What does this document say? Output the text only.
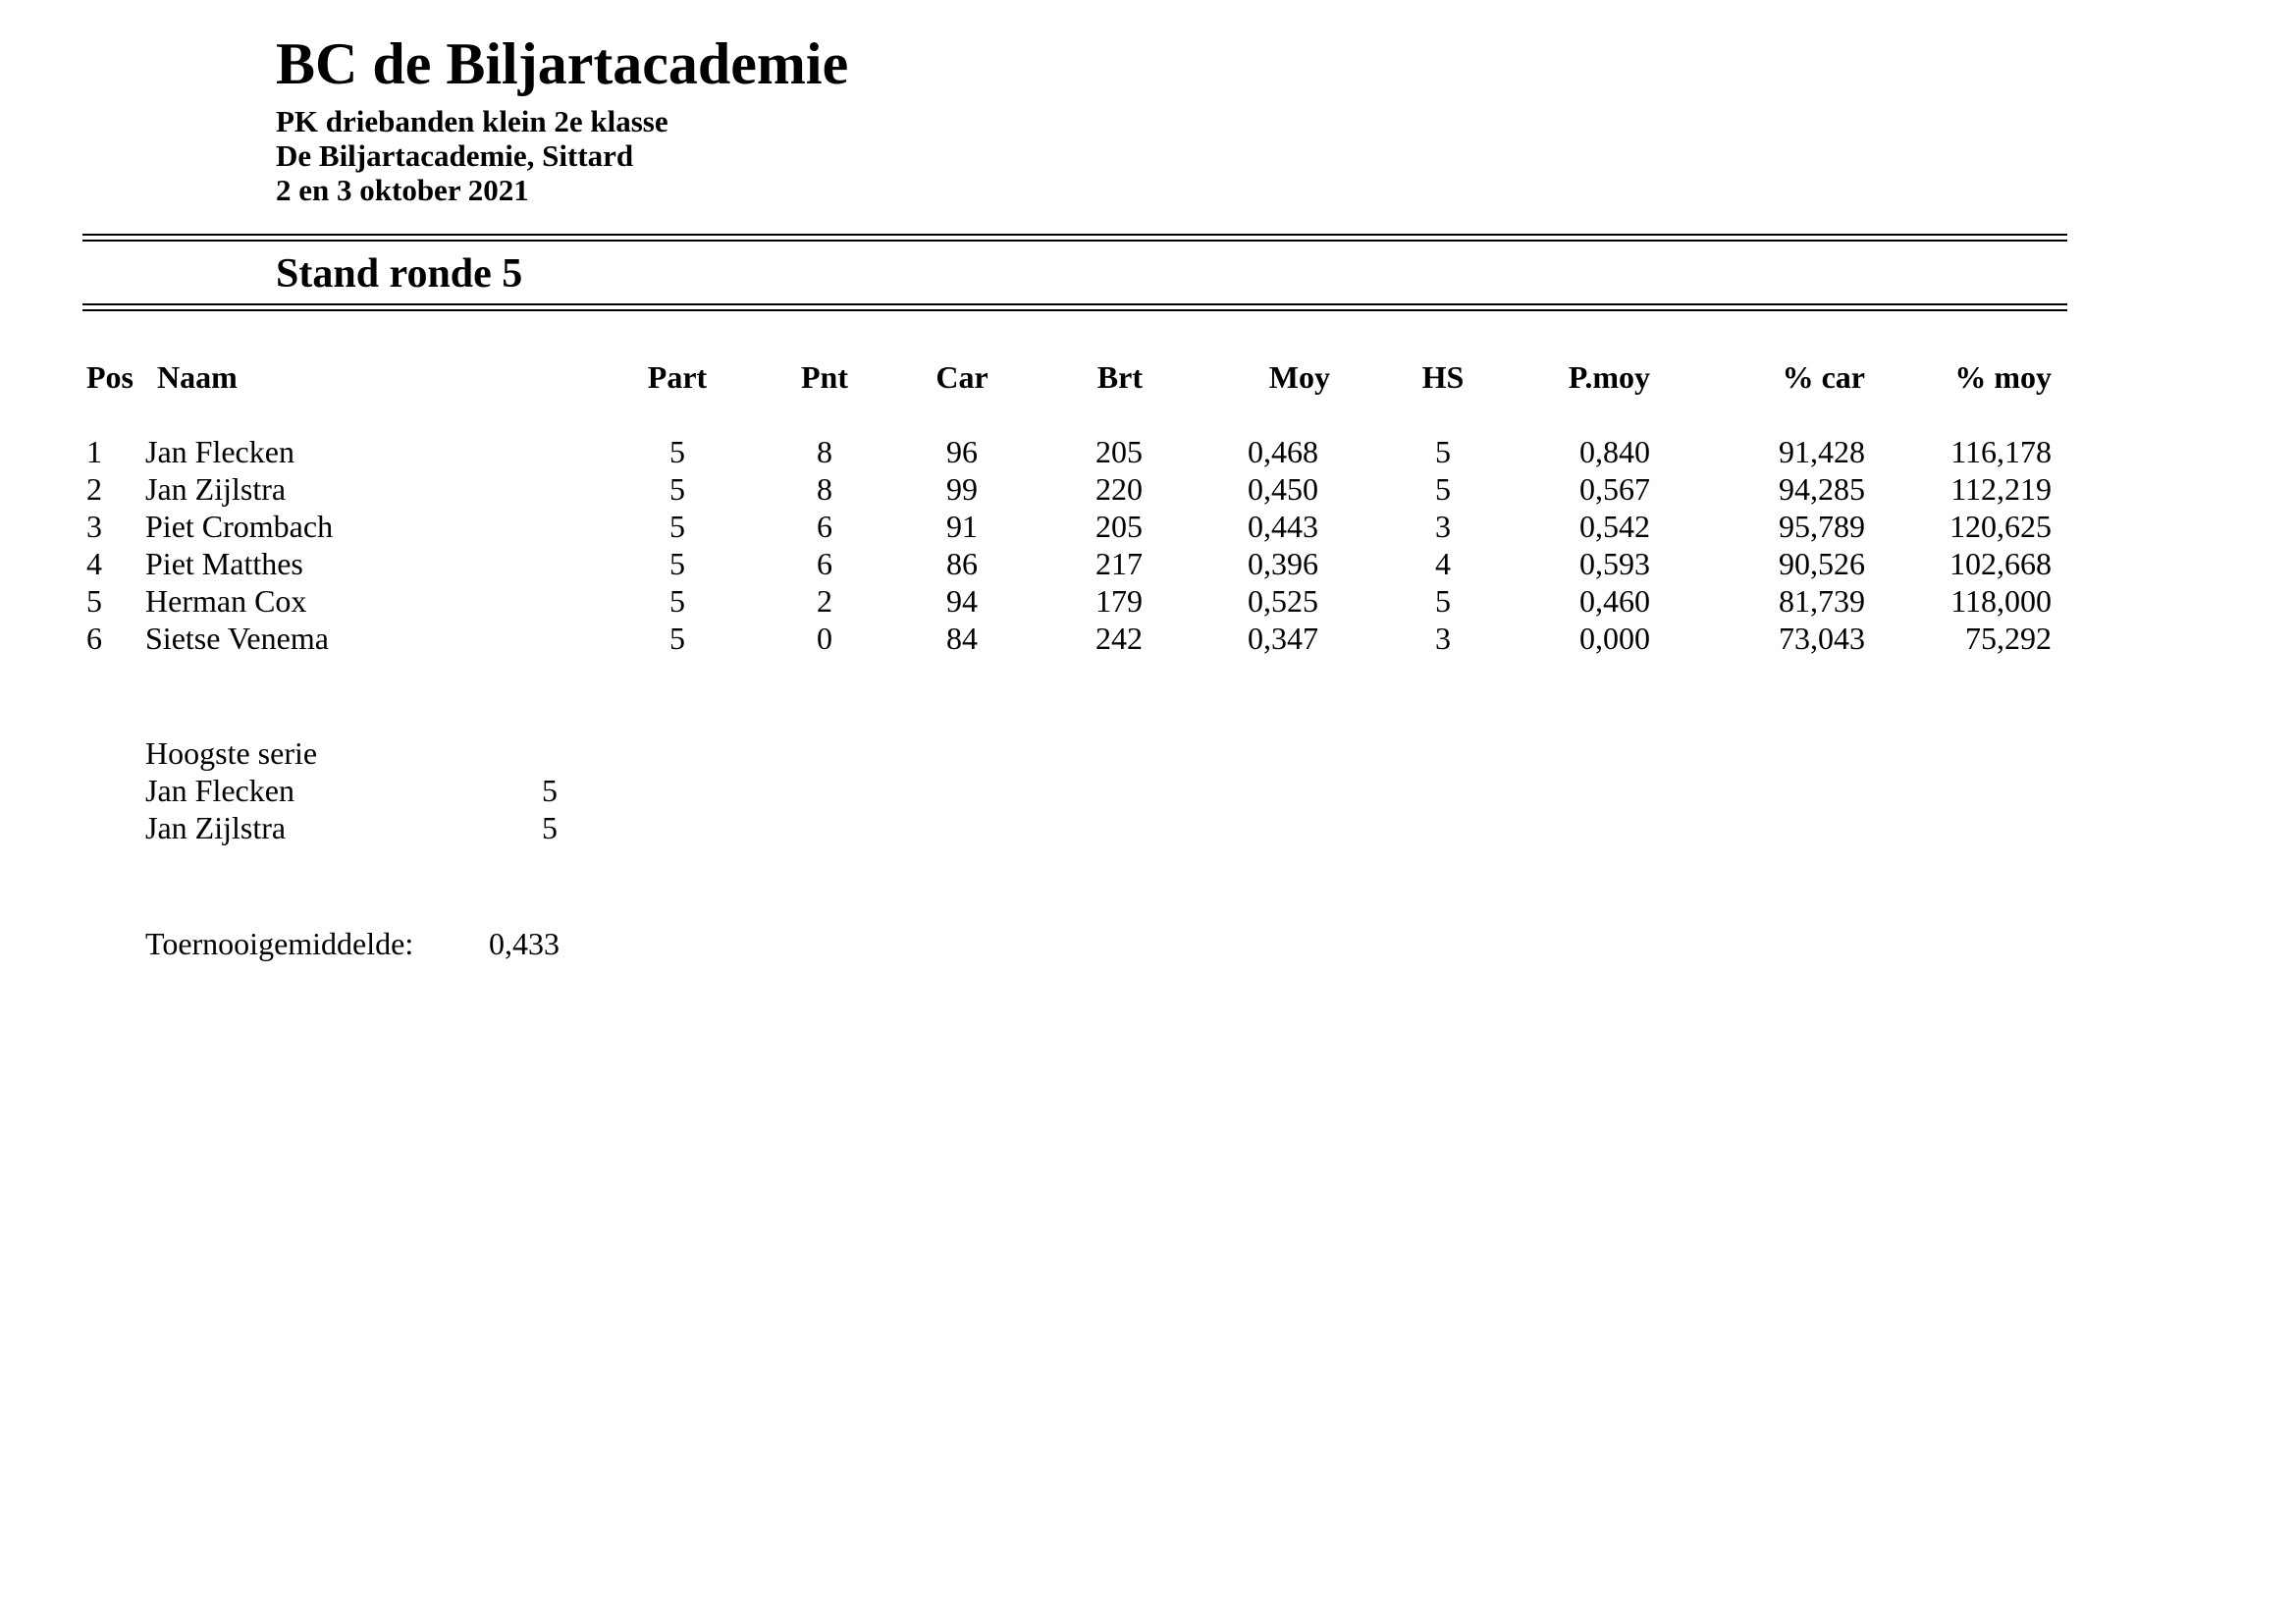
BC de Biljartacademie
PK driebanden klein 2e klasse
De Biljartacademie, Sittard
2 en 3 oktober 2021
Stand ronde 5
Pos Naam	Part	Pnt	Car	Brt	Moy	HS	P.moy	% car	% moy
1 Jan Flecken	5	8	96	205	0,468	5	0,840	91,428	116,178
2 Jan Zijlstra	5	8	99	220	0,450	5	0,567	94,285	112,219
3 Piet Crombach	5	6	91	205	0,443	3	0,542	95,789	120,625
4 Piet Matthes	5	6	86	217	0,396	4	0,593	90,526	102,668
5 Herman Cox	5	2	94	179	0,525	5	0,460	81,739	118,000
6 Sietse Venema	5	0	84	242	0,347	3	0,000	73,043	75,292
Hoogste serie
Jan Flecken	5
Jan Zijlstra	5
Toernooigemiddelde: 0,433
